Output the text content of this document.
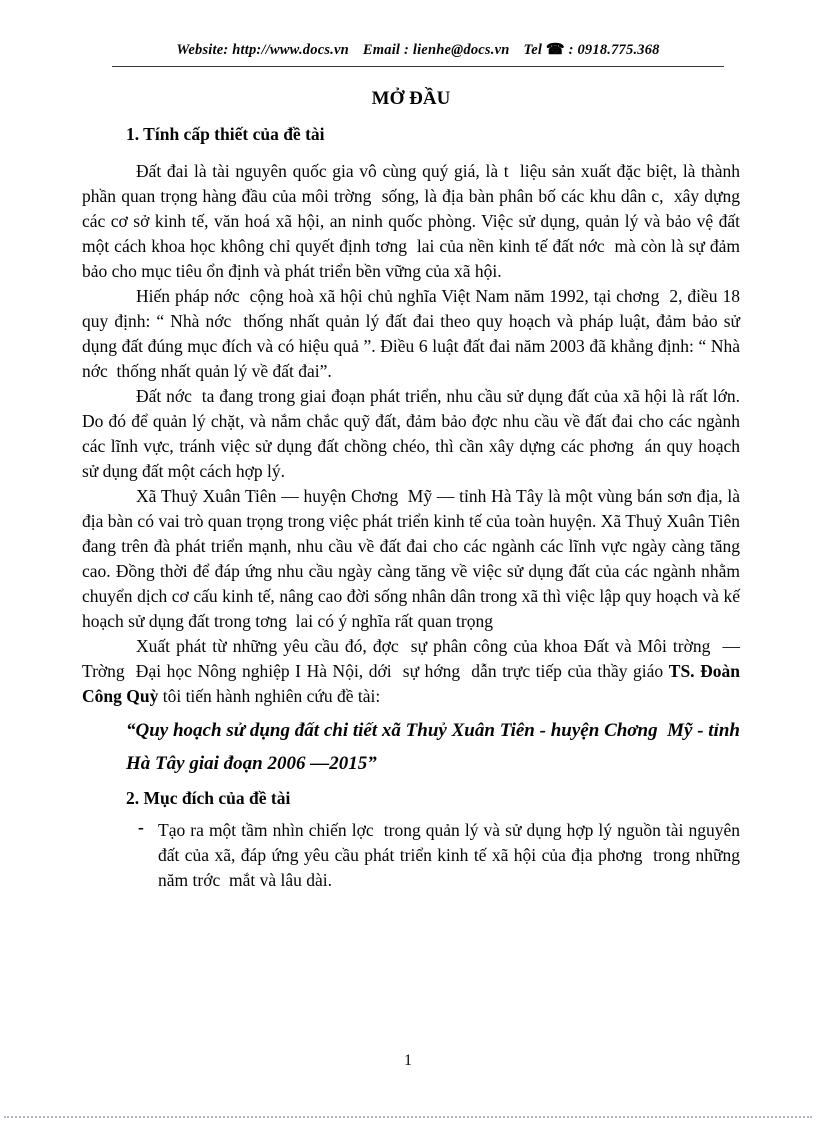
Website: http://www.docs.vn Email : lienhe@docs.vn Tel ☎ : 0918.775.368
MỞ ĐẦU
1. Tính cấp thiết của đề tài

Đất đai là tài nguyên quốc gia vô cùng quý giá, là t  liệu sản xuất đặc biệt, là thành phần quan trọng hàng đầu của môi trờng  sống, là địa bàn phân bố các khu dân c,  xây dựng các cơ sở kinh tế, văn hoá xã hội, an ninh quốc phòng. Việc sử dụng, quản lý và bảo vệ đất một cách khoa học không chỉ quyết định tơng  lai của nền kinh tế đất nớc  mà còn là sự đảm bảo cho mục tiêu ổn định và phát triển bền vững của xã hội.

Hiến pháp nớc  cộng hoà xã hội chủ nghĩa Việt Nam năm 1992, tại chơng  2, điều 18 quy định: “ Nhà nớc  thống nhất quản lý đất đai theo quy hoạch và pháp luật, đảm bảo sử dụng đất đúng mục đích và có hiệu quả ”. Điều 6 luật đất đai năm 2003 đã khẳng định: “ Nhà nớc  thống nhất quản lý về đất đai”.

Đất nớc  ta đang trong giai đoạn phát triển, nhu cầu sử dụng đất của xã hội là rất lớn. Do đó để quản lý chặt, và nắm chắc quỹ đất, đảm bảo đợc nhu cầu về đất đai cho các ngành các lĩnh vực, tránh việc sử dụng đất chồng chéo, thì cần xây dựng các phơng  án quy hoạch sử dụng đất một cách hợp lý.

Xã Thuỷ Xuân Tiên — huyện Chơng  Mỹ — tỉnh Hà Tây là một vùng bán sơn địa, là địa bàn có vai trò quan trọng trong việc phát triển kinh tế của toàn huyện. Xã Thuỷ Xuân Tiên đang trên đà phát triển mạnh, nhu cầu về đất đai cho các ngành các lĩnh vực ngày càng tăng cao. Đồng thời để đáp ứng nhu cầu ngày càng tăng về việc sử dụng đất của các ngành nhằm chuyển dịch cơ cấu kinh tế, nâng cao đời sống nhân dân trong xã thì việc lập quy hoạch và kế hoạch sử dụng đất trong tơng  lai có ý nghĩa rất quan trọng

Xuất phát từ những yêu cầu đó, đợc  sự phân công của khoa Đất và Môi trờng  — Trờng  Đại học Nông nghiệp I Hà Nội, dới  sự hớng  dẫn trực tiếp của thầy giáo TS. Đoàn Công Quỳ tôi tiến hành nghiên cứu đề tài:

“Quy hoạch sử dụng đất chi tiết xã Thuỷ Xuân Tiên - huyện Chơng  Mỹ - tỉnh Hà Tây giai đoạn 2006 —2015”

2. Mục đích của đề tài

- Tạo ra một tầm nhìn chiến lợc  trong quản lý và sử dụng hợp lý nguồn tài nguyên đất của xã, đáp ứng yêu cầu phát triển kinh tế xã hội của địa phơng  trong những năm trớc  mắt và lâu dài.

1
